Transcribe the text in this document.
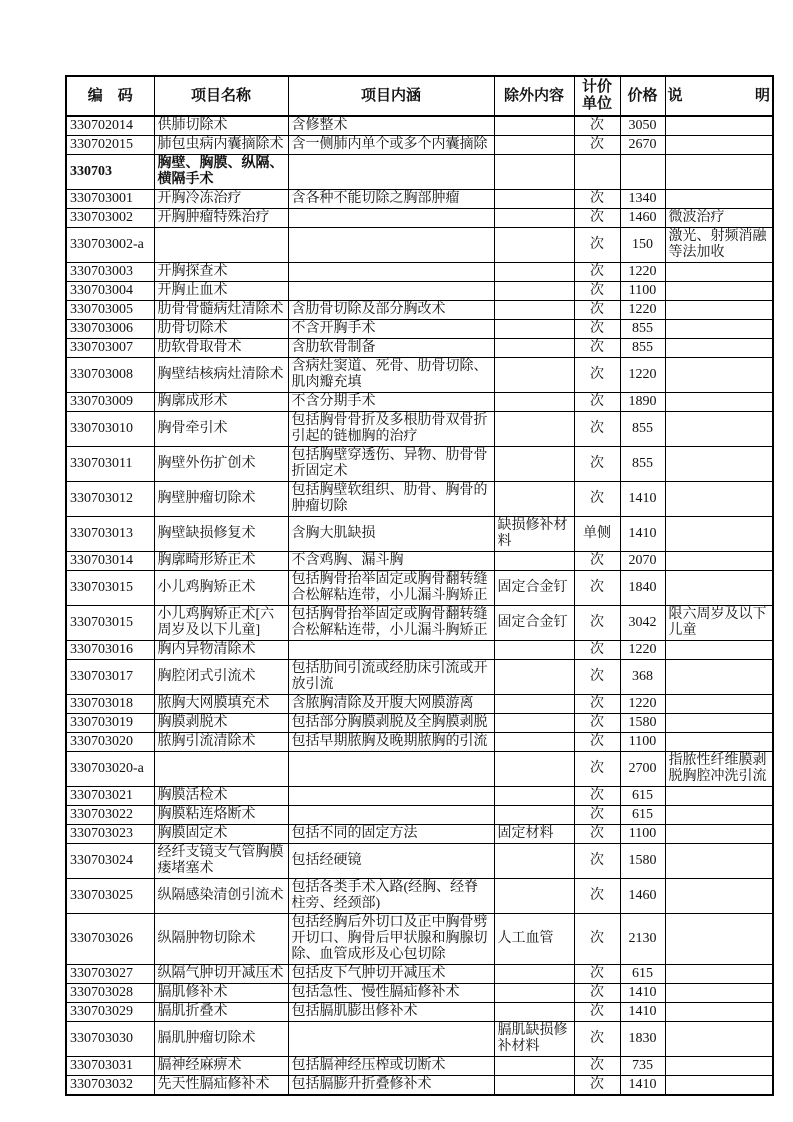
编　码	项目名称	项目内涵	除外内容	计价单位	价格	说　明
330702014	供肺切除术	含修整术		次	3050	
330702015	肺包虫病内囊摘除术	含一侧肺内单个或多个内囊摘除		次	2670	
330703	胸壁、胸膜、纵隔、横隔手术					
330703001	开胸冷冻治疗	含各种不能切除之胸部肿瘤		次	1340	
330703002	开胸肿瘤特殊治疗			次	1460	微波治疗
330703002-a				次	150	激光、射频消融等法加收
330703003	开胸探查术			次	1220	
330703004	开胸止血术			次	1100	
330703005	肋骨骨髓病灶清除术	含肋骨切除及部分胸改术		次	1220	
330703006	肋骨切除术	不含开胸手术		次	855	
330703007	肋软骨取骨术	含肋软骨制备		次	855	
330703008	胸壁结核病灶清除术	含病灶窦道、死骨、肋骨切除、肌肉瓣充填		次	1220	
330703009	胸廓成形术	不含分期手术		次	1890	
330703010	胸骨牵引术	包括胸骨骨折及多根肋骨双骨折引起的链枷胸的治疗		次	855	
330703011	胸壁外伤扩创术	包括胸壁穿透伤、异物、肋骨骨折固定术		次	855	
330703012	胸壁肿瘤切除术	包括胸壁软组织、肋骨、胸骨的肿瘤切除		次	1410	
330703013	胸壁缺损修复术	含胸大肌缺损	缺损修补材料	单侧	1410	
330703014	胸廓畸形矫正术	不含鸡胸、漏斗胸		次	2070	
330703015	小儿鸡胸矫正术	包括胸骨抬举固定或胸骨翻转缝合松解粘连带，小儿漏斗胸矫正	固定合金钉	次	1840	
330703015	小儿鸡胸矫正术[六周岁及以下儿童]	包括胸骨抬举固定或胸骨翻转缝合松解粘连带，小儿漏斗胸矫正	固定合金钉	次	3042	限六周岁及以下儿童
330703016	胸内异物清除术			次	1220	
330703017	胸腔闭式引流术	包括肋间引流或经肋床引流或开放引流		次	368	
330703018	脓胸大网膜填充术	含脓胸清除及开腹大网膜游离		次	1220	
330703019	胸膜剥脱术	包括部分胸膜剥脱及全胸膜剥脱		次	1580	
330703020	脓胸引流清除术	包括早期脓胸及晚期脓胸的引流		次	1100	
330703020-a				次	2700	指脓性纤维膜剥脱胸腔冲洗引流
330703021	胸膜活检术			次	615	
330703022	胸膜粘连烙断术			次	615	
330703023	胸膜固定术	包括不同的固定方法	固定材料	次	1100	
330703024	经纤支镜支气管胸膜瘘堵塞术	包括经硬镜		次	1580	
330703025	纵隔感染清创引流术	包括各类手术入路(经胸、经脊柱旁、经颈部)		次	1460	
330703026	纵隔肿物切除术	包括经胸后外切口及正中胸骨劈开切口、胸骨后甲状腺和胸腺切除、血管成形及心包切除	人工血管	次	2130	
330703027	纵隔气肿切开减压术	包括皮下气肿切开减压术		次	615	
330703028	膈肌修补术	包括急性、慢性膈疝修补术		次	1410	
330703029	膈肌折叠术	包括膈肌膨出修补术		次	1410	
330703030	膈肌肿瘤切除术		膈肌缺损修补材料	次	1830	
330703031	膈神经麻痹术	包括膈神经压榨或切断术		次	735	
330703032	先天性膈疝修补术	包括膈膨升折叠修补术		次	1410	
